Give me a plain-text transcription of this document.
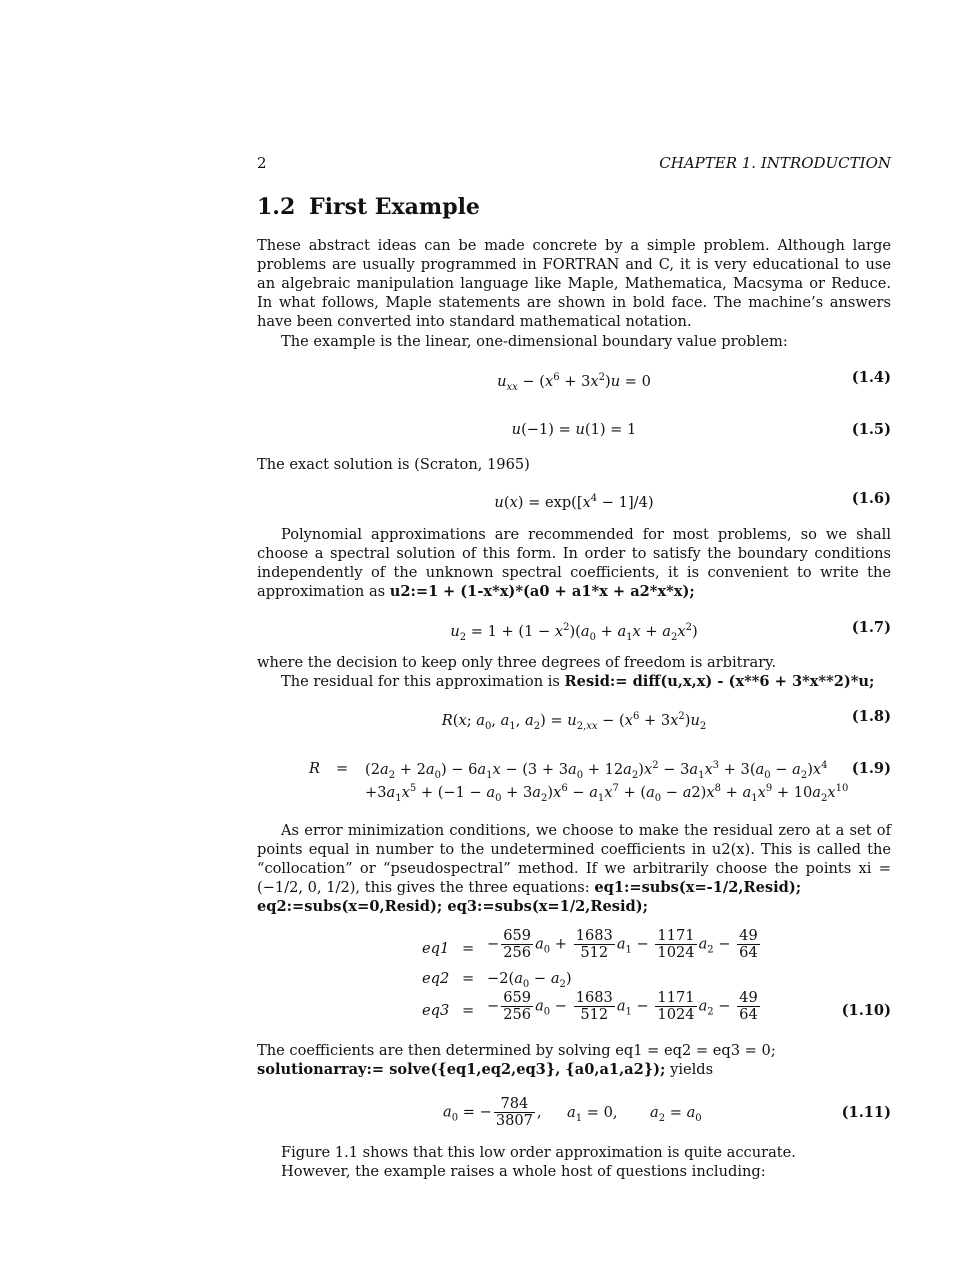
2	CHAPTER 1. INTRODUCTION
1.2 First Example

These abstract ideas can be made concrete by a simple problem. Although large problems are usually programmed in FORTRAN and C, it is very educational to use an algebraic manipulation language like Maple, Mathematica, Macsyma or Reduce. In what follows, Maple statements are shown in bold face. The machine’s answers have been converted into standard mathematical notation.

The example is the linear, one-dimensional boundary value problem:

$u_{xx} - (x^6 + 3x^2)u = 0$	(1.4)
u(−1) = u(1) = 1	(1.5)

The exact solution is (Scraton, 1965)

$u(x) = \exp([x^4 - 1]/4)$	(1.6)

Polynomial approximations are recommended for most problems, so we shall choose a spectral solution of this form. In order to satisfy the boundary conditions independently of the unknown spectral coefficients, it is convenient to write the approximation as u2:=1 + (1-x*x)*(a0 + a1*x + a2*x*x);

$u_2 = 1 + (1 - x^2)(a_0 + a_1x + a_2x^2)$	(1.7)

where the decision to keep only three degrees of freedom is arbitrary.

The residual for this approximation is Resid:= diff(u,x,x) - (x**6 + 3*x**2)*u;

R(x; $a_0$, $a_1$, $a_2) = u_{2,xx} - (x^6 + 3x^2)u_2$
(1.8)
$R = (2a_2 + 2a_0) - 6a_1x - (3 + 3a_0 + 12a_2)x^2 - 3a_1x^3 + 3(a_0 - a_2)x^4$
$+3a_1x^5 + (-1 - a_0 + 3a_2)x^6 - a_1x^7 + (a_0 - a2)x^8 + a_1x^9 + 10a_2x^{10}$
(1.9)

As error minimization conditions, we choose to make the residual zero at a set of points equal in number to the undetermined coefficients in u2(x). This is called the “collocation” or “pseudospectral” method. If we arbitrarily choose the points xi = (−1/2, 0, 1/2), this gives the three equations: eq1:=subs(x=-1/2,Resid);
eq2:=subs(x=0,Resid); eq3:=subs(x=1/2,Resid);

eq1 = − $\frac{659}{256} a_0 + \frac{1683}{512} a_1 - \frac{1171}{1024} a_2 - \frac{49}{64}$
$eq2 = -2(a_0 - a_2)$
eq3 = − $\frac{659}{256} a_0 - \frac{1683}{512} a_1 - \frac{1171}{1024} a_2 - \frac{49}{64}$	(1.10)

The coefficients are then determined by solving eq1 = eq2 = eq3 = 0;
solutionarray:= solve({eq1,eq2,eq3}, {a0,a1,a2}); yields

$a_0$ = − $\frac{784}{3807}$ , $a_1 = 0$, $a_2 = a_0$	(1.11)

Figure 1.1 shows that this low order approximation is quite accurate.

However, the example raises a whole host of questions including:
